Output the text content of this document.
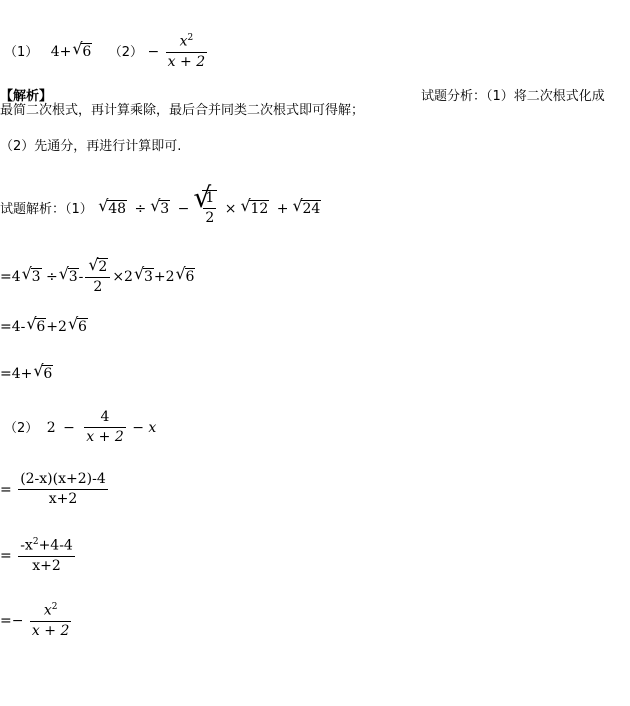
（1） 4+√ 6 $(2) - \frac{x^2}{x + 2}$
【解析】	试题分析：（1）将二次根式化成
最简二次根式，再计算乘除，最后合并同类二次根式即可得解；
（2）先通分，再进行计算即可.
试题解析：（1） √ 48 ÷√ 3 −
√ $\frac{1}{2}$ ×√ 12 +√ 24
=4√ 3 ÷√ 3-
√ $\frac{2}{2} \times 2√$ 3+2√ 6
=4-√ 6+2√ 6
=4+√ 6
（2） $2 - \frac{4}{x + 2} - x$
= $\frac{(2-x)(x+2)-4}{x+2}$
= $\frac{-x^2+4-4}{x+2}$
=− $\frac{x^2}{x + 2}$
